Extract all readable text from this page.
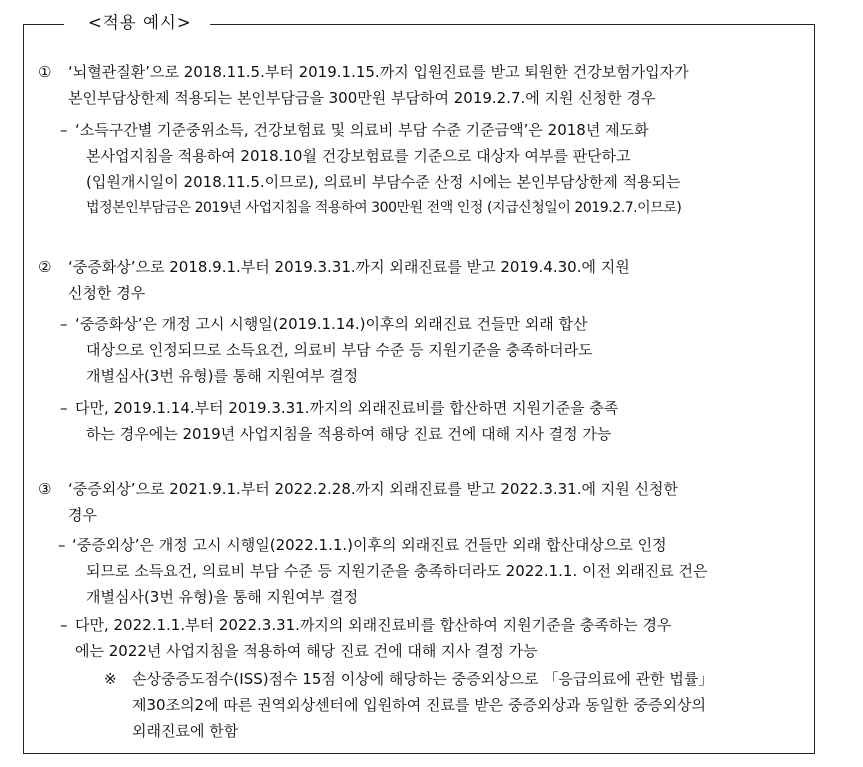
<적용 예시>
① ‘뇌혈관질환’으로 2018.11.5.부터 2019.1.15.까지 입원진료를 받고 퇴원한 건강보험가입자가
본인부담상한제 적용되는 본인부담금을 300만원 부담하여 2019.2.7.에 지원 신청한 경우
– ‘소득구간별 기준중위소득, 건강보험료 및 의료비 부담 수준 기준금액’은 2018년 제도화
본사업지침을 적용하여 2018.10월 건강보험료를 기준으로 대상자 여부를 판단하고
(입원개시일이 2018.11.5.이므로), 의료비 부담수준 산정 시에는 본인부담상한제 적용되는
법정본인부담금은 2019년 사업지침을 적용하여 300만원 전액 인정 (지급신청일이 2019.2.7.이므로)
② ‘중증화상’으로 2018.9.1.부터 2019.3.31.까지 외래진료를 받고 2019.4.30.에 지원
신청한 경우
– ‘중증화상’은 개정 고시 시행일(2019.1.14.)이후의 외래진료 건들만 외래 합산
대상으로 인정되므로 소득요건, 의료비 부담 수준 등 지원기준을 충족하더라도
개별심사(3번 유형)를 통해 지원여부 결정
– 다만, 2019.1.14.부터 2019.3.31.까지의 외래진료비를 합산하면 지원기준을 충족
하는 경우에는 2019년 사업지침을 적용하여 해당 진료 건에 대해 지사 결정 가능
③ ‘중증외상’으로 2021.9.1.부터 2022.2.28.까지 외래진료를 받고 2022.3.31.에 지원 신청한
경우
– ‘중증외상’은 개정 고시 시행일(2022.1.1.)이후의 외래진료 건들만 외래 합산대상으로 인정
되므로 소득요건, 의료비 부담 수준 등 지원기준을 충족하더라도 2022.1.1. 이전 외래진료 건은
개별심사(3번 유형)을 통해 지원여부 결정
– 다만, 2022.1.1.부터 2022.3.31.까지의 외래진료비를 합산하여 지원기준을 충족하는 경우
에는 2022년 사업지침을 적용하여 해당 진료 건에 대해 지사 결정 가능
※ 손상중증도점수(ISS)점수 15점 이상에 해당하는 중증외상으로 「응급의료에 관한 법률」
제30조의2에 따른 권역외상센터에 입원하여 진료를 받은 중증외상과 동일한 중증외상의
외래진료에 한함
